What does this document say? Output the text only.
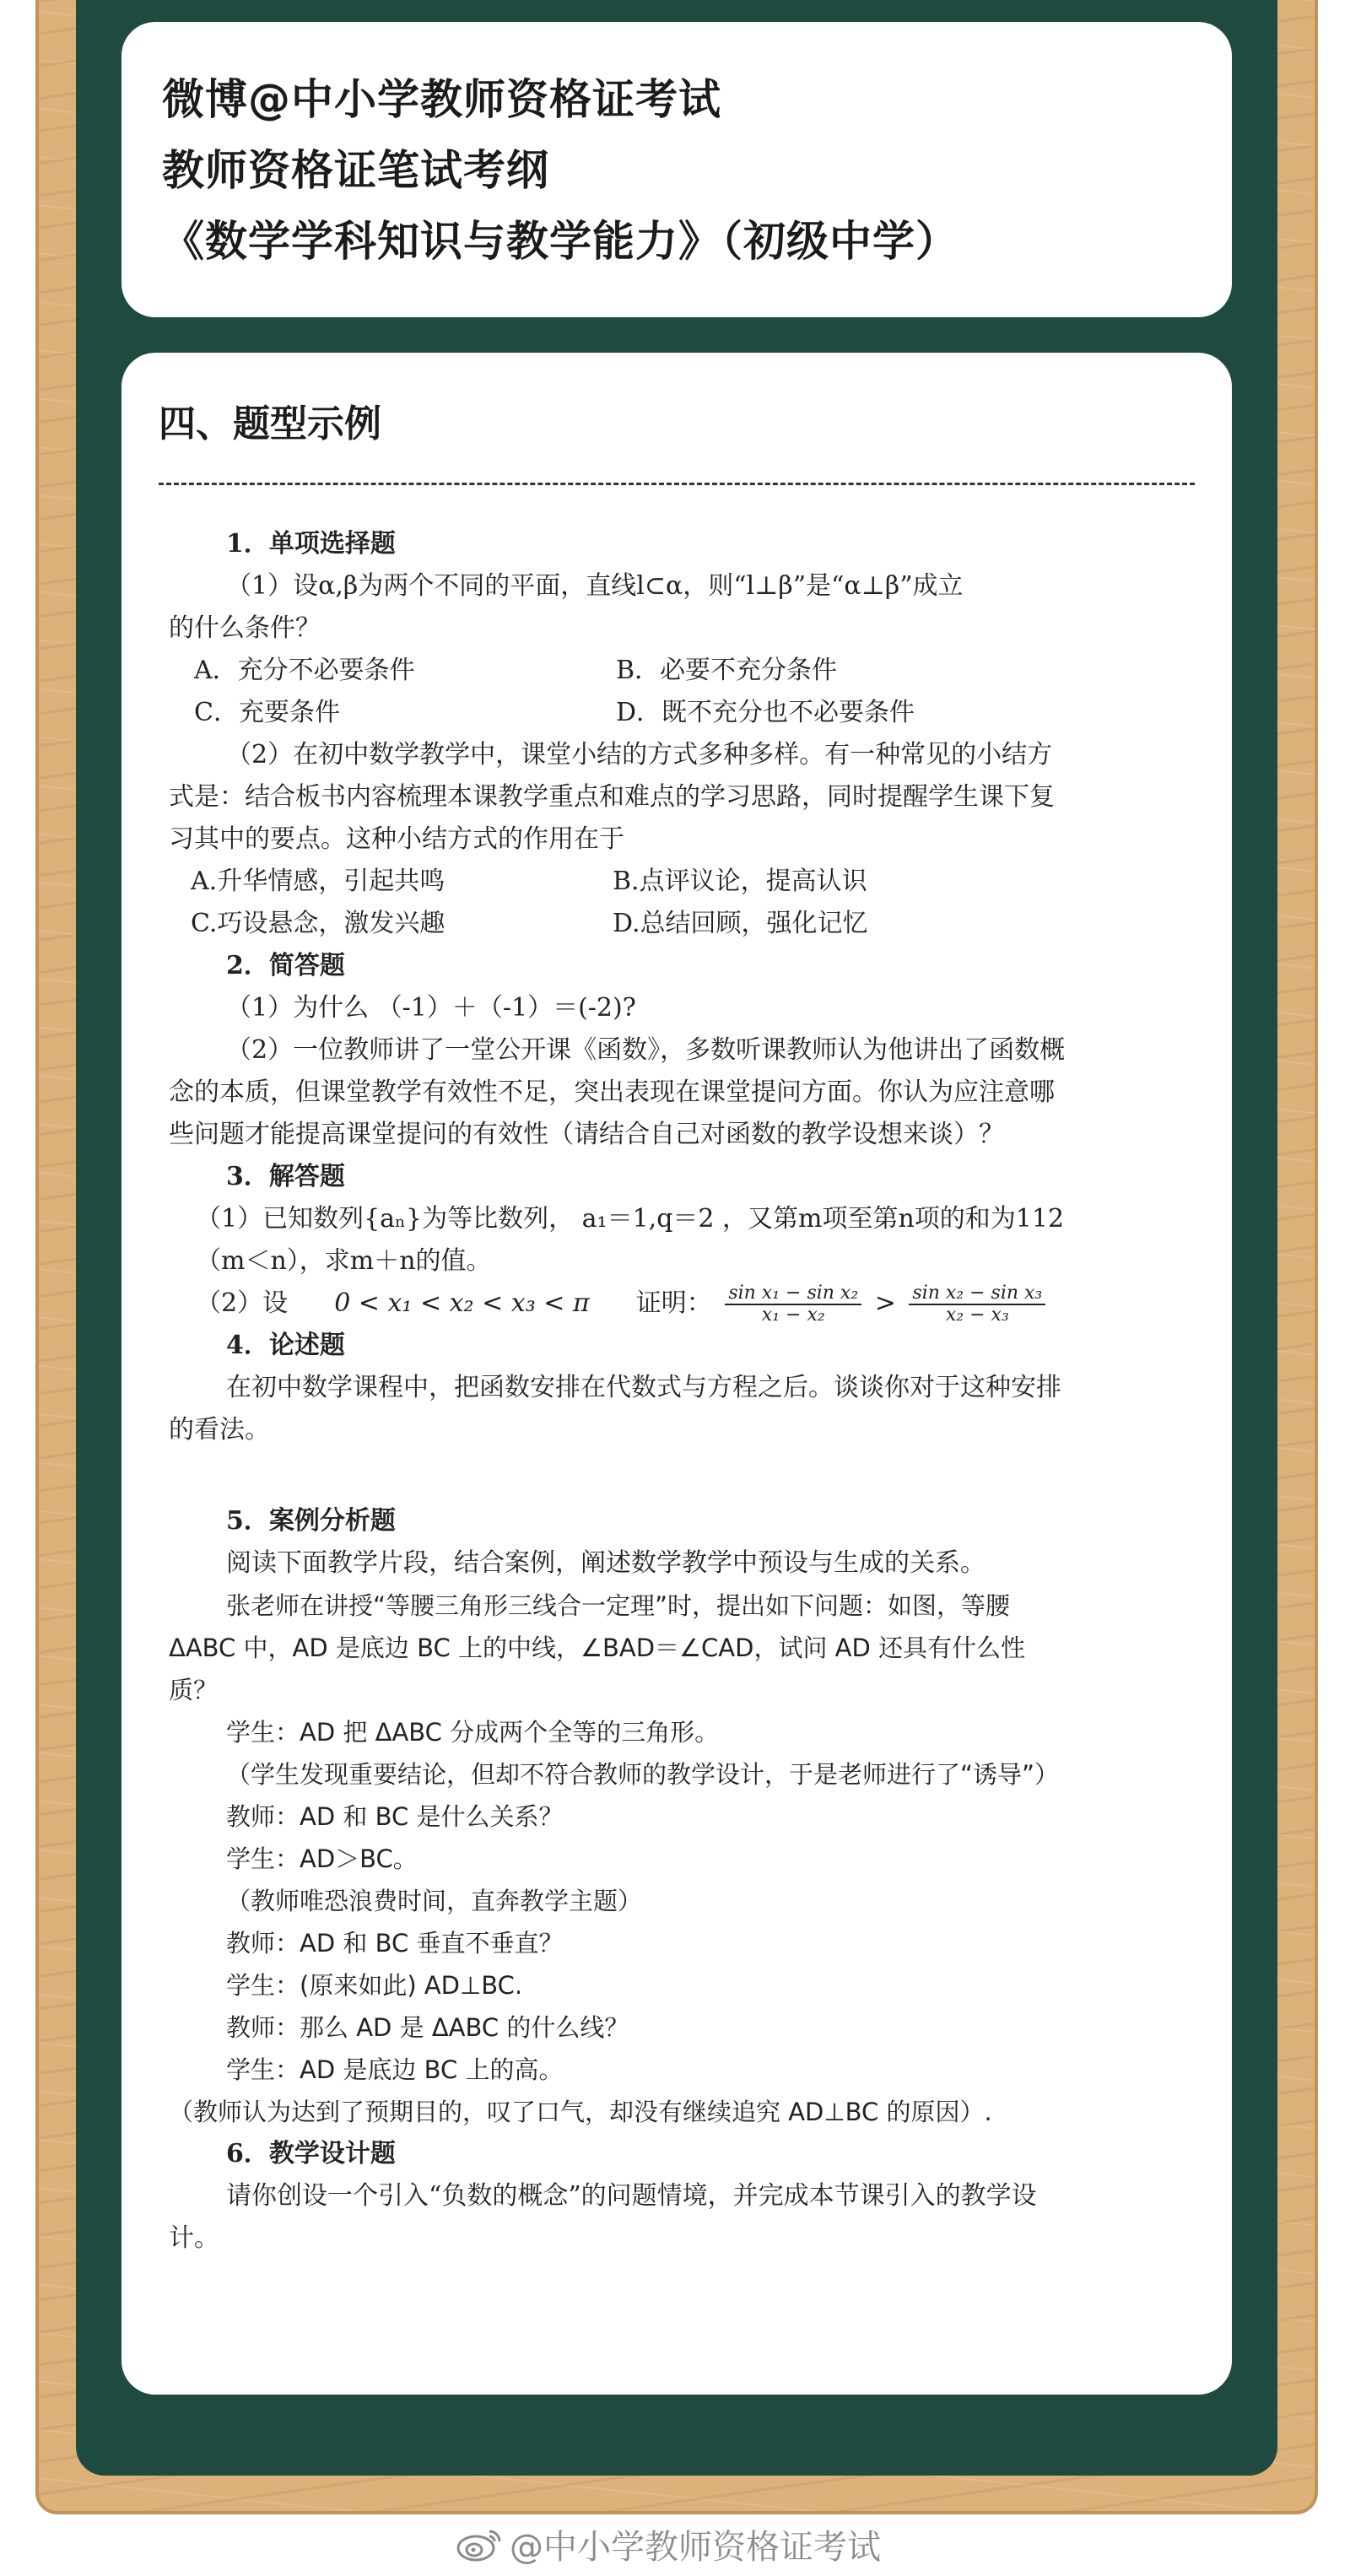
微博@中小学教师资格证考试
教师资格证笔试考纲
《数学学科知识与教学能力》（初级中学）
四、题型示例
1．单项选择题
（1）设α,β为两个不同的平面，直线l⊂α，则“l⊥β”是“α⊥β”成立
的什么条件？
A．充分不必要条件	B．必要不充分条件
C．充要条件	D．既不充分也不必要条件
（2）在初中数学教学中，课堂小结的方式多种多样。有一种常见的小结方
式是：结合板书内容梳理本课教学重点和难点的学习思路，同时提醒学生课下复
习其中的要点。这种小结方式的作用在于
A.升华情感，引起共鸣	B.点评议论，提高认识
C.巧设悬念，激发兴趣	D.总结回顾，强化记忆
2．简答题
（1）为什么 （-1）＋（-1）＝(-2)?
（2）一位教师讲了一堂公开课《函数》，多数听课教师认为他讲出了函数概
念的本质，但课堂教学有效性不足，突出表现在课堂提问方面。你认为应注意哪
些问题才能提高课堂提问的有效性（请结合自己对函数的教学设想来谈）？
3．解答题
（1）已知数列{aₙ}为等比数列， a₁＝1,q＝2 ，又第m项至第n项的和为112
（m＜n），求m＋n的值。
（2）设 0 < x₁ < x₂ < x₃ < π 证明： $\frac{\text{sin x₁ − sin x₂}}{\text{x₁ − x₂}} > \frac{\text{sin x₂ − sin x₃}}{\text{x₂ − x₃}}$
4．论述题
在初中数学课程中，把函数安排在代数式与方程之后。谈谈你对于这种安排
的看法。
5．案例分析题
阅读下面教学片段，结合案例，阐述数学教学中预设与生成的关系。
张老师在讲授“等腰三角形三线合一定理”时，提出如下问题：如图，等腰
ΔABC 中，AD 是底边 BC 上的中线，∠BAD＝∠CAD，试问 AD 还具有什么性
质？
学生：AD 把 ΔABC 分成两个全等的三角形。
（学生发现重要结论，但却不符合教师的教学设计，于是老师进行了“诱导”）
教师：AD 和 BC 是什么关系？
学生：AD＞BC。
（教师唯恐浪费时间，直奔教学主题）
教师：AD 和 BC 垂直不垂直？
学生：(原来如此) AD⊥BC.
教师：那么 AD 是 ΔABC 的什么线？
学生：AD 是底边 BC 上的高。
（教师认为达到了预期目的，叹了口气，却没有继续追究 AD⊥BC 的原因）.
6．教学设计题
请你创设一个引入“负数的概念”的问题情境，并完成本节课引入的教学设
计。
@中小学教师资格证考试
